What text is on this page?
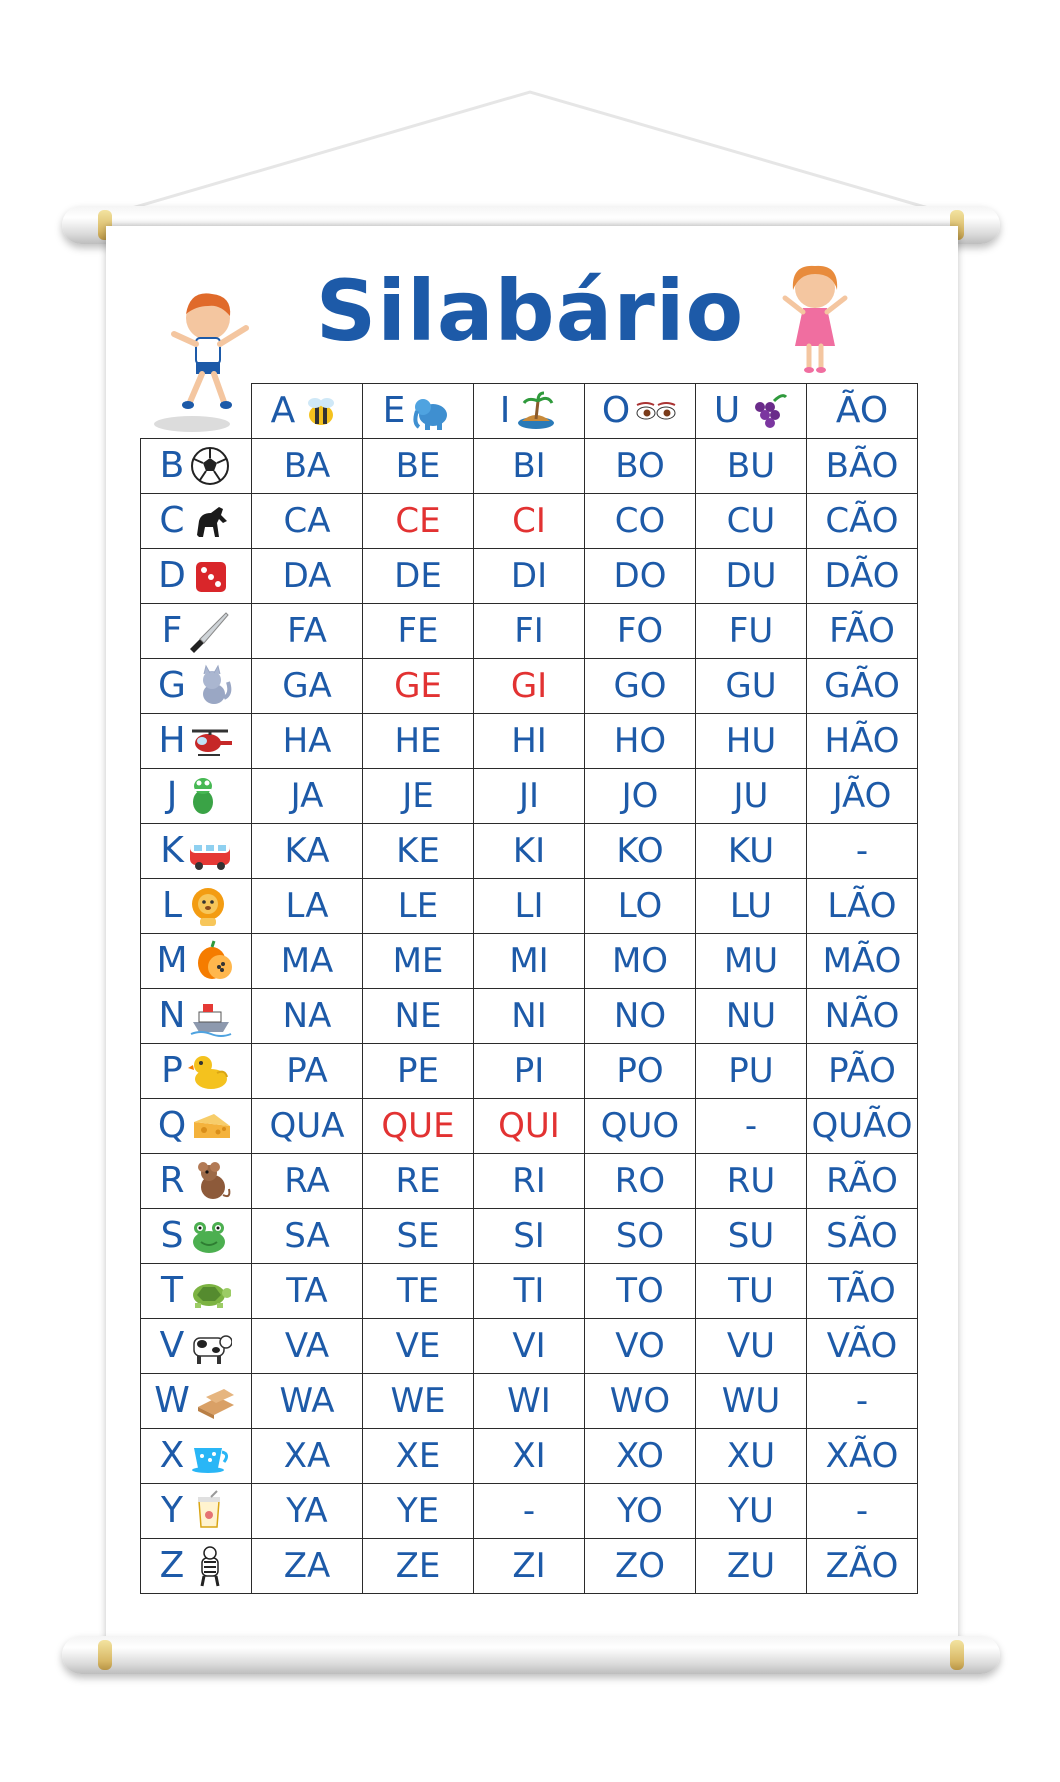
Silabário

	A	E	I	O	U	ÃO

B	BA	BE	BI	BO	BU	BÃO

C	CA	CE	CI	CO	CU	CÃO

D	DA	DE	DI	DO	DU	DÃO

F	FA	FE	FI	FO	FU	FÃO

G	GA	GE	GI	GO	GU	GÃO

H	HA	HE	HI	HO	HU	HÃO

J	JA	JE	JI	JO	JU	JÃO

K	KA	KE	KI	KO	KU	-

L	LA	LE	LI	LO	LU	LÃO

M	MA	ME	MI	MO	MU	MÃO

N	NA	NE	NI	NO	NU	NÃO

P	PA	PE	PI	PO	PU	PÃO

Q	QUA	QUE	QUI	QUO	-	QUÃO

R	RA	RE	RI	RO	RU	RÃO

S	SA	SE	SI	SO	SU	SÃO

T	TA	TE	TI	TO	TU	TÃO

V	VA	VE	VI	VO	VU	VÃO

W	WA	WE	WI	WO	WU	-

X	XA	XE	XI	XO	XU	XÃO

Y	YA	YE	-	YO	YU	-

Z	ZA	ZE	ZI	ZO	ZU	ZÃO
